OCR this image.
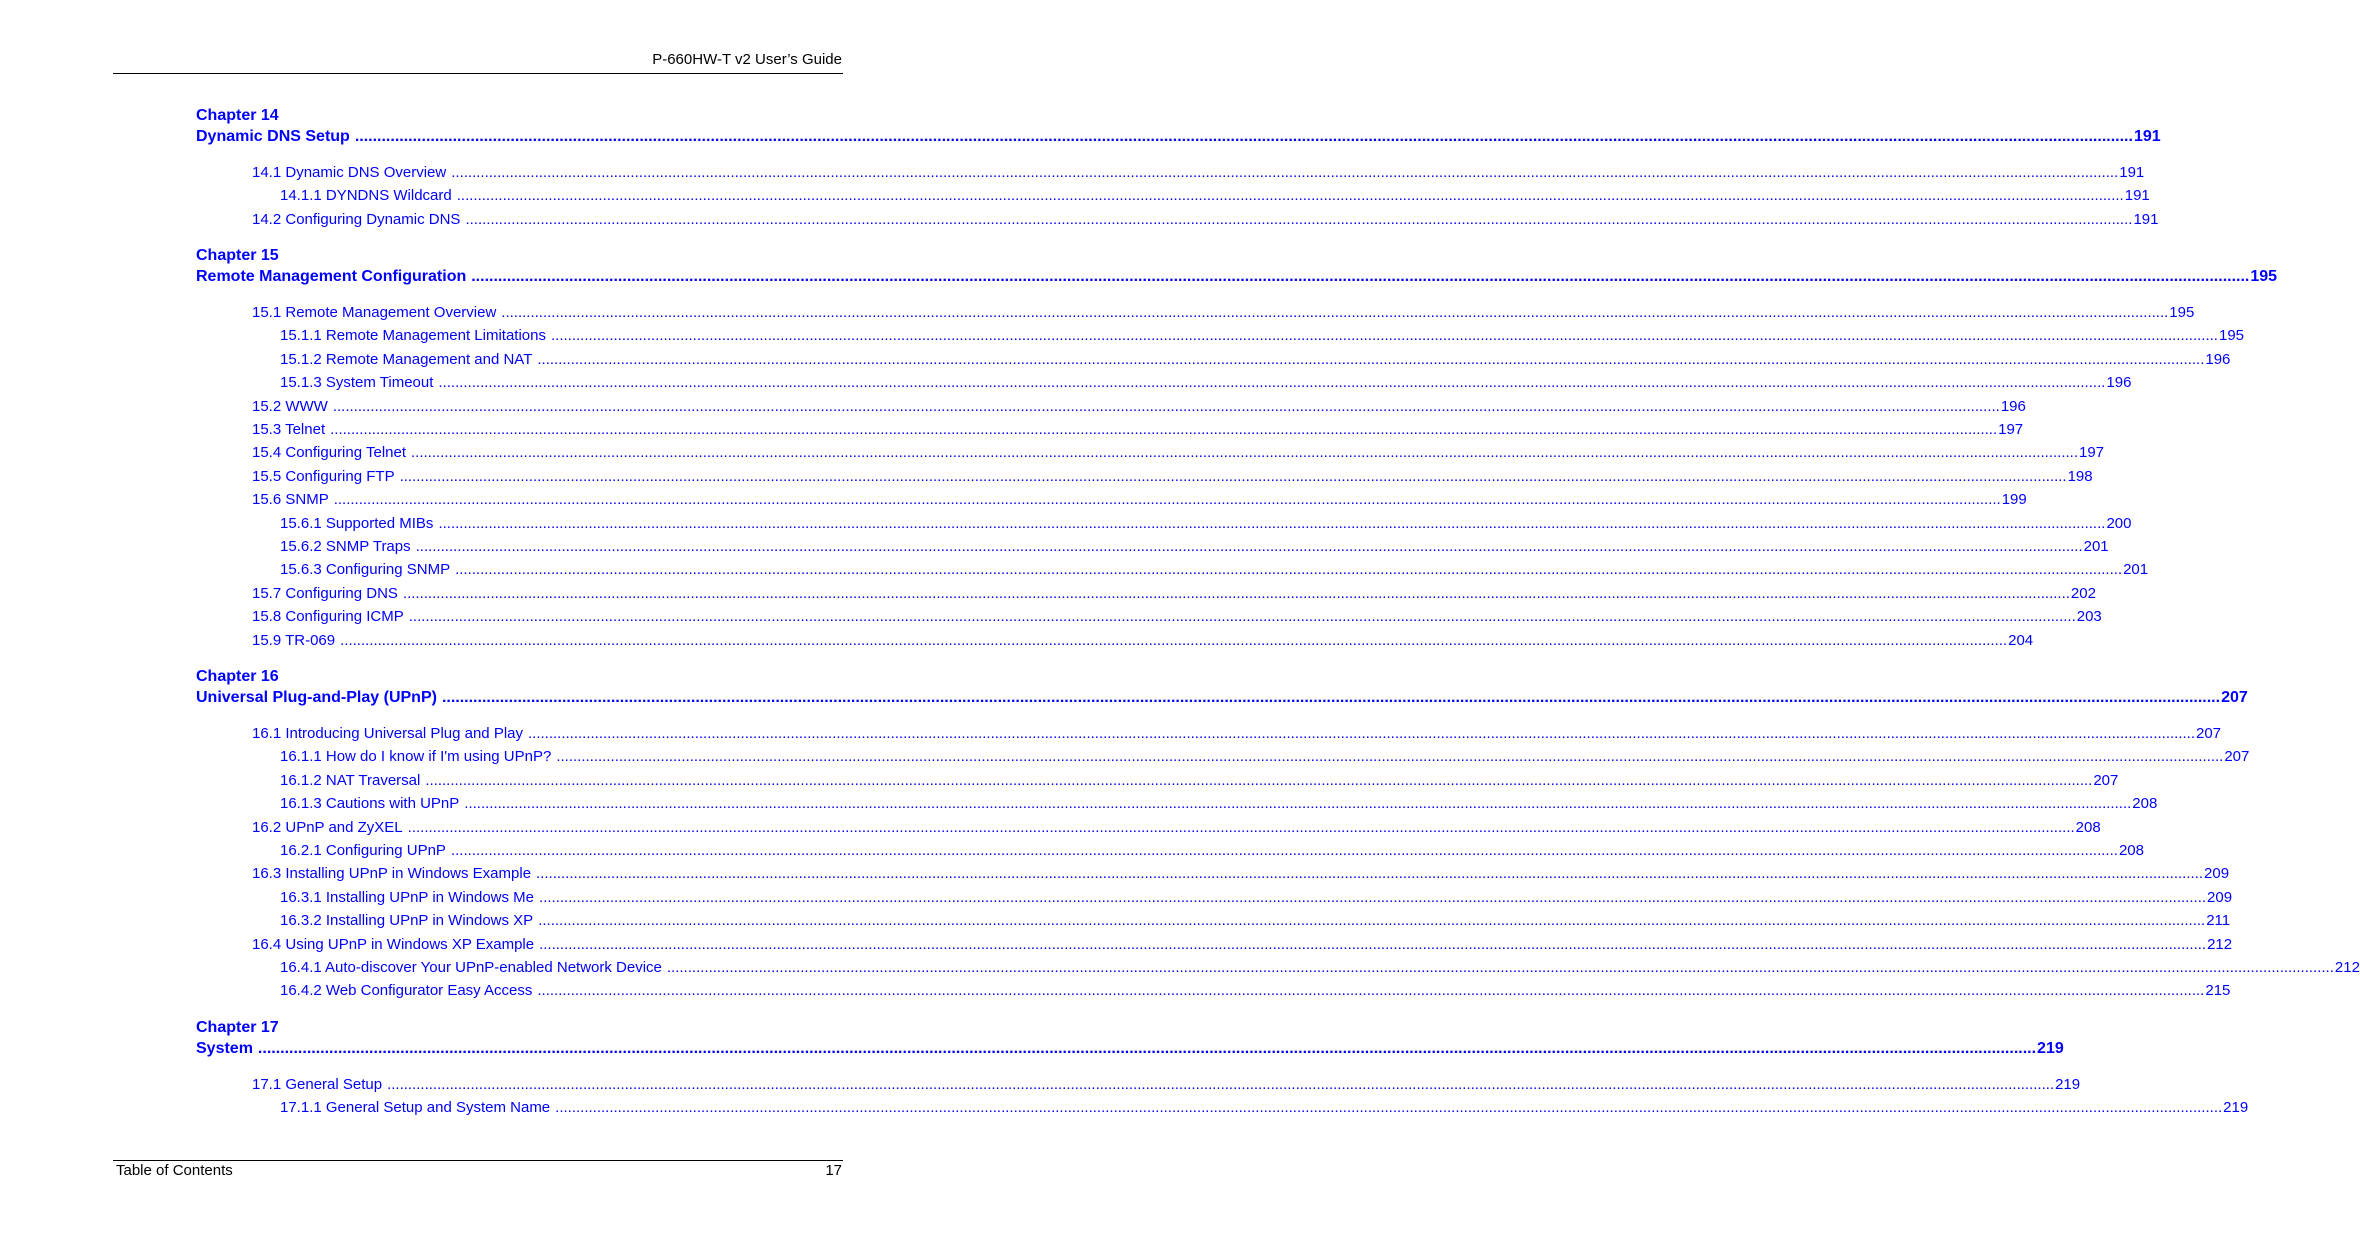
P-660HW-T v2 User’s Guide
Chapter 14
Dynamic DNS Setup ................................................................................................................................................................................................................................................................................................................................................................................................................ 191
14.1 Dynamic DNS Overview ................................................................................................................................................................................................................................................................................................................................................................................................................ 191
14.1.1 DYNDNS Wildcard ................................................................................................................................................................................................................................................................................................................................................................................................................ 191
14.2 Configuring Dynamic DNS ................................................................................................................................................................................................................................................................................................................................................................................................................ 191
Chapter 15
Remote Management Configuration ................................................................................................................................................................................................................................................................................................................................................................................................................ 195
15.1 Remote Management Overview ................................................................................................................................................................................................................................................................................................................................................................................................................ 195
15.1.1 Remote Management Limitations ................................................................................................................................................................................................................................................................................................................................................................................................................ 195
15.1.2 Remote Management and NAT ................................................................................................................................................................................................................................................................................................................................................................................................................ 196
15.1.3 System Timeout ................................................................................................................................................................................................................................................................................................................................................................................................................ 196
15.2 WWW ................................................................................................................................................................................................................................................................................................................................................................................................................ 196
15.3 Telnet ................................................................................................................................................................................................................................................................................................................................................................................................................ 197
15.4 Configuring Telnet ................................................................................................................................................................................................................................................................................................................................................................................................................ 197
15.5 Configuring FTP ................................................................................................................................................................................................................................................................................................................................................................................................................ 198
15.6 SNMP ................................................................................................................................................................................................................................................................................................................................................................................................................ 199
15.6.1 Supported MIBs ................................................................................................................................................................................................................................................................................................................................................................................................................ 200
15.6.2 SNMP Traps ................................................................................................................................................................................................................................................................................................................................................................................................................ 201
15.6.3 Configuring SNMP ................................................................................................................................................................................................................................................................................................................................................................................................................ 201
15.7 Configuring DNS ................................................................................................................................................................................................................................................................................................................................................................................................................ 202
15.8 Configuring ICMP ................................................................................................................................................................................................................................................................................................................................................................................................................ 203
15.9 TR-069 ................................................................................................................................................................................................................................................................................................................................................................................................................ 204
Chapter 16
Universal Plug-and-Play (UPnP) ................................................................................................................................................................................................................................................................................................................................................................................................................ 207
16.1 Introducing Universal Plug and Play ................................................................................................................................................................................................................................................................................................................................................................................................................ 207
16.1.1 How do I know if I'm using UPnP? ................................................................................................................................................................................................................................................................................................................................................................................................................ 207
16.1.2 NAT Traversal ................................................................................................................................................................................................................................................................................................................................................................................................................ 207
16.1.3 Cautions with UPnP ................................................................................................................................................................................................................................................................................................................................................................................................................ 208
16.2 UPnP and ZyXEL ................................................................................................................................................................................................................................................................................................................................................................................................................ 208
16.2.1 Configuring UPnP ................................................................................................................................................................................................................................................................................................................................................................................................................ 208
16.3 Installing UPnP in Windows Example ................................................................................................................................................................................................................................................................................................................................................................................................................ 209
16.3.1 Installing UPnP in Windows Me ................................................................................................................................................................................................................................................................................................................................................................................................................ 209
16.3.2 Installing UPnP in Windows XP ................................................................................................................................................................................................................................................................................................................................................................................................................ 211
16.4 Using UPnP in Windows XP Example ................................................................................................................................................................................................................................................................................................................................................................................................................ 212
16.4.1 Auto-discover Your UPnP-enabled Network Device ................................................................................................................................................................................................................................................................................................................................................................................................................ 212
16.4.2 Web Configurator Easy Access ................................................................................................................................................................................................................................................................................................................................................................................................................ 215
Chapter 17
System ................................................................................................................................................................................................................................................................................................................................................................................................................ 219
17.1 General Setup ................................................................................................................................................................................................................................................................................................................................................................................................................ 219
17.1.1 General Setup and System Name ................................................................................................................................................................................................................................................................................................................................................................................................................ 219
Table of Contents	17
